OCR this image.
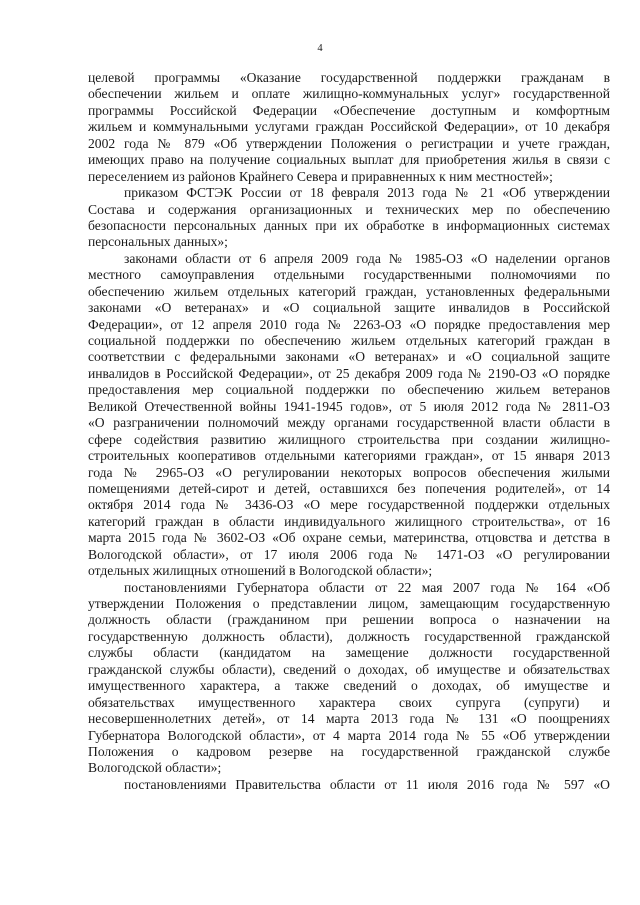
4
целевой программы «Оказание государственной поддержки гражданам в
обеспечении жильем и оплате жилищно-коммунальных услуг» государственной
программы Российской Федерации «Обеспечение доступным и комфортным
жильем и коммунальными услугами граждан Российской Федерации», от 10 декабря
2002 года № 879 «Об утверждении Положения о регистрации и учете граждан,
имеющих право на получение социальных выплат для приобретения жилья в связи с
переселением из районов Крайнего Севера и приравненных к ним местностей»;
приказом ФСТЭК России от 18 февраля 2013 года № 21 «Об утверждении
Состава и содержания организационных и технических мер по обеспечению
безопасности персональных данных при их обработке в информационных системах
персональных данных»;
законами области от 6 апреля 2009 года № 1985-ОЗ «О наделении органов
местного самоуправления отдельными государственными полномочиями по
обеспечению жильем отдельных категорий граждан, установленных федеральными
законами «О ветеранах» и «О социальной защите инвалидов в Российской
Федерации», от 12 апреля 2010 года № 2263-ОЗ «О порядке предоставления мер
социальной поддержки по обеспечению жильем отдельных категорий граждан в
соответствии с федеральными законами «О ветеранах» и «О социальной защите
инвалидов в Российской Федерации», от 25 декабря 2009 года № 2190-ОЗ «О порядке
предоставления мер социальной поддержки по обеспечению жильем ветеранов
Великой Отечественной войны 1941-1945 годов», от 5 июля 2012 года № 2811-ОЗ
«О разграничении полномочий между органами государственной власти области в
сфере содействия развитию жилищного строительства при создании жилищно-
строительных кооперативов отдельными категориями граждан», от 15 января 2013
года № 2965-ОЗ «О регулировании некоторых вопросов обеспечения жилыми
помещениями детей-сирот и детей, оставшихся без попечения родителей», от 14
октября 2014 года № 3436-ОЗ «О мере государственной поддержки отдельных
категорий граждан в области индивидуального жилищного строительства», от 16
марта 2015 года № 3602-ОЗ «Об охране семьи, материнства, отцовства и детства в
Вологодской области», от 17 июля 2006 года № 1471-ОЗ «О регулировании
отдельных жилищных отношений в Вологодской области»;
постановлениями Губернатора области от 22 мая 2007 года № 164 «Об
утверждении Положения о представлении лицом, замещающим государственную
должность области (гражданином при решении вопроса о назначении на
государственную должность области), должность государственной гражданской
службы области (кандидатом на замещение должности государственной
гражданской службы области), сведений о доходах, об имуществе и обязательствах
имущественного характера, а также сведений о доходах, об имуществе и
обязательствах имущественного характера своих супруга (супруги) и
несовершеннолетних детей», от 14 марта 2013 года № 131 «О поощрениях
Губернатора Вологодской области», от 4 марта 2014 года № 55 «Об утверждении
Положения о кадровом резерве на государственной гражданской службе
Вологодской области»;
постановлениями Правительства области от 11 июля 2016 года № 597 «О
